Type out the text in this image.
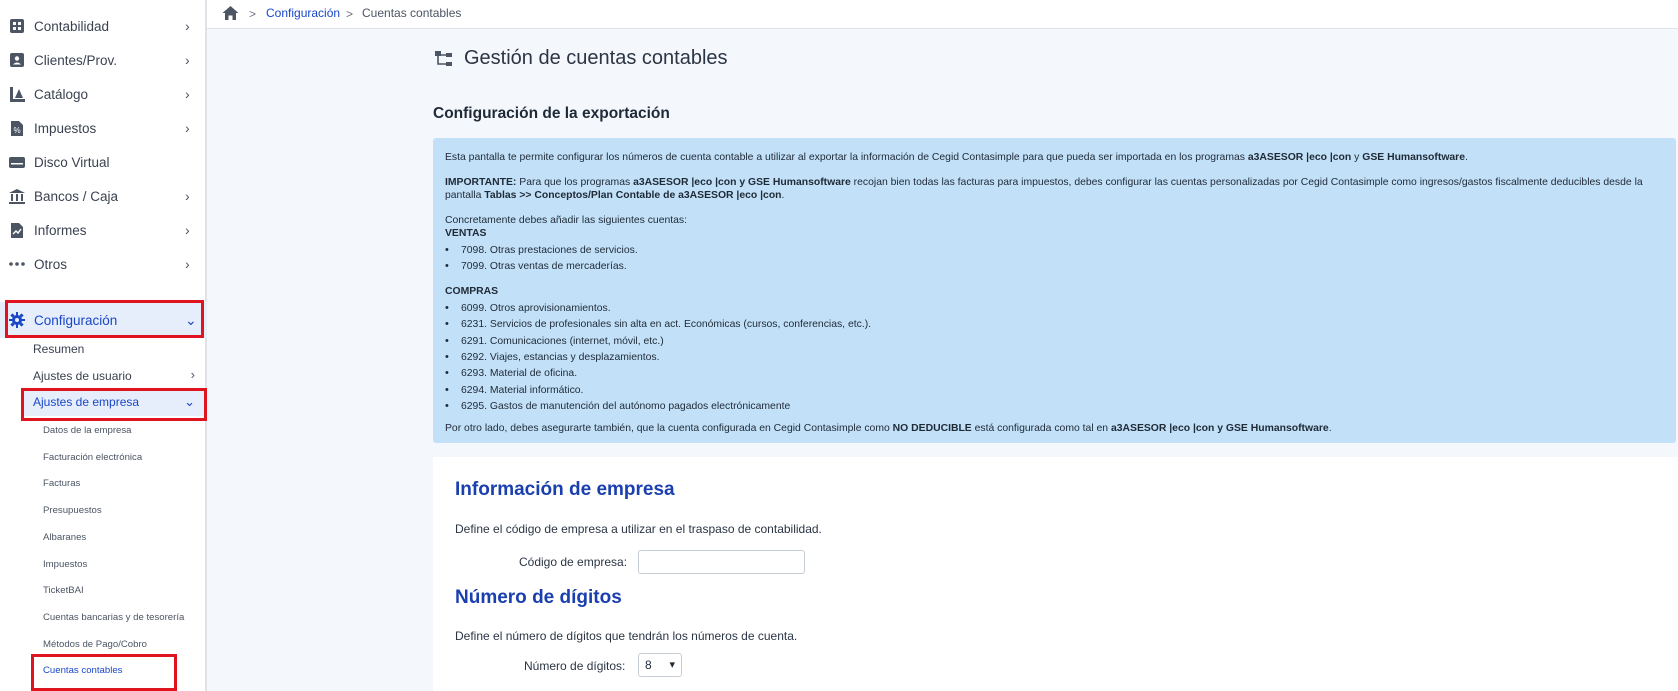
Contabilidad	›
Clientes/Prov.	›
Catálogo	›
% Impuestos	›
Disco Virtual
Bancos / Caja	›
Informes	›
Otros	›
Configuración	⌄
Resumen
Ajustes de usuario	›
Ajustes de empresa	⌄
Datos de la empresa
Facturación electrónica
Facturas
Presupuestos
Albaranes
Impuestos
TicketBAI
Cuentas bancarias y de tesorería
Métodos de Pago/Cobro
Cuentas contables
> Configuración > Cuentas contables
Gestión de cuentas contables
Configuración de la exportación

Esta pantalla te permite configurar los números de cuenta contable a utilizar al exportar la información de Cegid Contasimple para que pueda ser importada en los programas a3ASESOR |eco |con y GSE Humansoftware.

IMPORTANTE: Para que los programas a3ASESOR |eco |con y GSE Humansoftware recojan bien todas las facturas para impuestos, debes configurar las cuentas personalizadas por Cegid Contasimple como ingresos/gastos fiscalmente deducibles desde la pantalla Tablas >> Conceptos/Plan Contable de a3ASESOR |eco |con.

Concretamente debes añadir las siguientes cuentas:
VENTAS
• 7098. Otras prestaciones de servicios.
• 7099. Otras ventas de mercaderías.
COMPRAS
• 6099. Otros aprovisionamientos.
• 6231. Servicios de profesionales sin alta en act. Económicas (cursos, conferencias, etc.).
• 6291. Comunicaciones (internet, móvil, etc.)
• 6292. Viajes, estancias y desplazamientos.
• 6293. Material de oficina.
• 6294. Material informático.
• 6295. Gastos de manutención del autónomo pagados electrónicamente

Por otro lado, debes asegurarte también, que la cuenta configurada en Cegid Contasimple como NO DEDUCIBLE está configurada como tal en a3ASESOR |eco |con y GSE Humansoftware.

Información de empresa
Define el código de empresa a utilizar en el traspaso de contabilidad.
Código de empresa:
Número de dígitos
Define el número de dígitos que tendrán los números de cuenta.
Número de dígitos:	8 ▾
